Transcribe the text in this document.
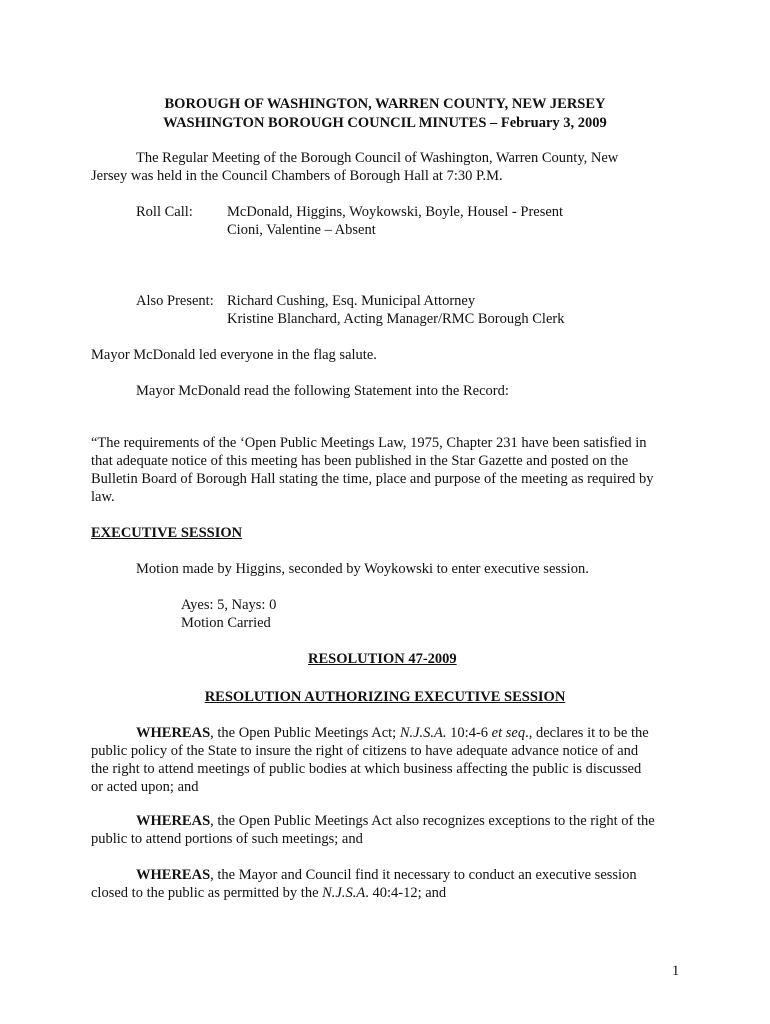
BOROUGH OF WASHINGTON, WARREN COUNTY, NEW JERSEY
WASHINGTON BOROUGH COUNCIL MINUTES – February 3, 2009
The Regular Meeting of the Borough Council of Washington, Warren County, New
Jersey was held in the Council Chambers of Borough Hall at 7:30 P.M.
Roll Call: McDonald, Higgins, Woykowski, Boyle, Housel - Present
Cioni, Valentine – Absent
Also Present: Richard Cushing, Esq. Municipal Attorney
Kristine Blanchard, Acting Manager/RMC Borough Clerk
Mayor McDonald led everyone in the flag salute.
Mayor McDonald read the following Statement into the Record:
“The requirements of the ‘Open Public Meetings Law, 1975, Chapter 231 have been satisfied in
that adequate notice of this meeting has been published in the Star Gazette and posted on the
Bulletin Board of Borough Hall stating the time, place and purpose of the meeting as required by
law.
EXECUTIVE SESSION
Motion made by Higgins, seconded by Woykowski to enter executive session.
Ayes: 5, Nays: 0
Motion Carried
RESOLUTION 47-2009
RESOLUTION AUTHORIZING EXECUTIVE SESSION
WHEREAS, the Open Public Meetings Act; N.J.S.A. 10:4-6 et seq., declares it to be the
public policy of the State to insure the right of citizens to have adequate advance notice of and
the right to attend meetings of public bodies at which business affecting the public is discussed
or acted upon; and
WHEREAS, the Open Public Meetings Act also recognizes exceptions to the right of the
public to attend portions of such meetings; and
WHEREAS, the Mayor and Council find it necessary to conduct an executive session
closed to the public as permitted by the N.J.S.A. 40:4-12; and
1
